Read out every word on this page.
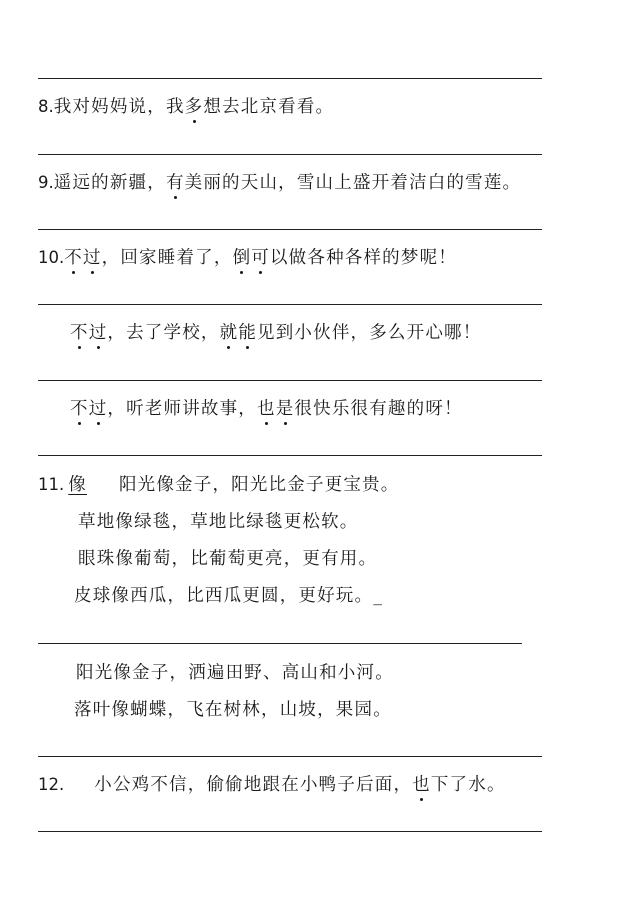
8.我对妈妈说，我多想去北京看看。
9.遥远的新疆，有美丽的天山，雪山上盛开着洁白的雪莲。
10.不过，回家睡着了，倒可以做各种各样的梦呢！
不过，去了学校，就能见到小伙伴，多么开心哪！
不过，听老师讲故事，也是很快乐很有趣的呀！
11. 像 阳光像金子，阳光比金子更宝贵。
草地像绿毯，草地比绿毯更松软。
眼珠像葡萄，比葡萄更亮，更有用。
皮球像西瓜，比西瓜更圆，更好玩。_
阳光像金子，洒遍田野、高山和小河。
落叶像蝴蝶，飞在树林，山坡，果园。
12. 小公鸡不信，偷偷地跟在小鸭子后面，也下了水。
